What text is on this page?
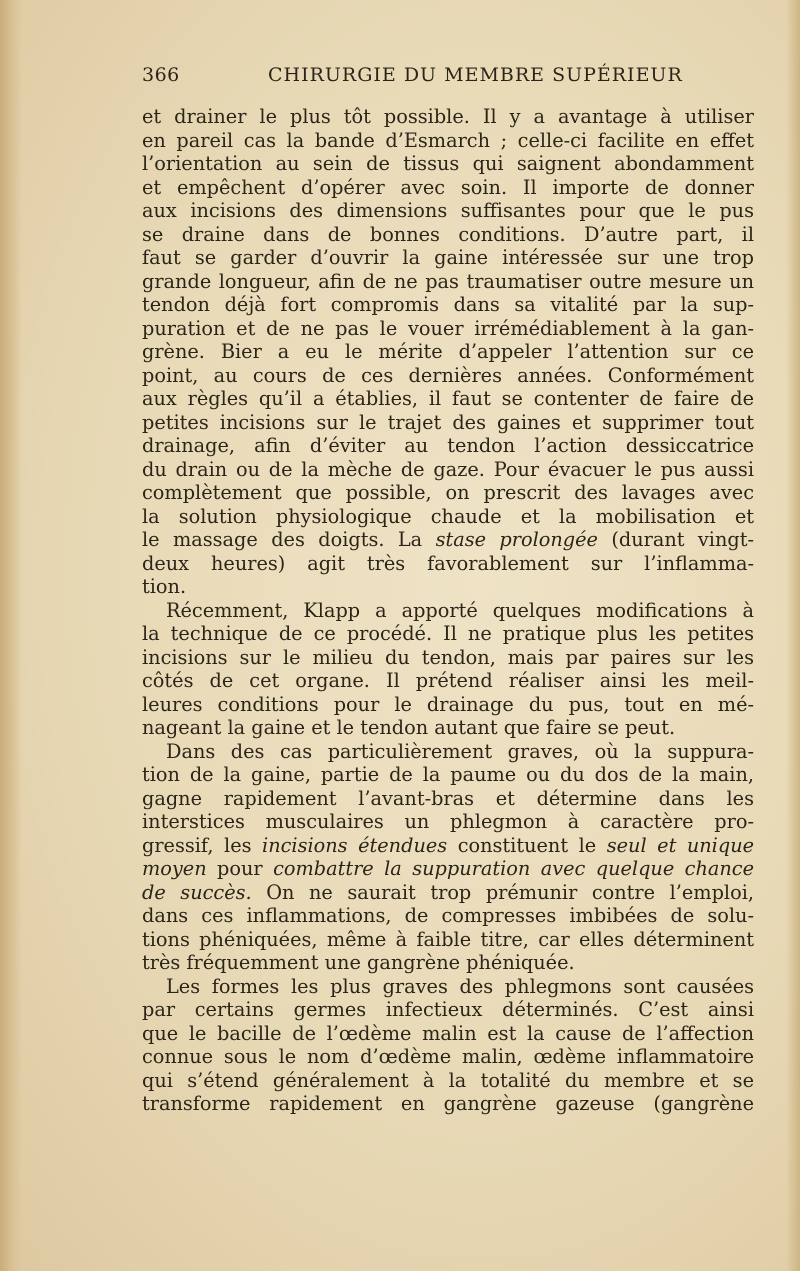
366	CHIRURGIE DU MEMBRE SUPÉRIEUR
et drainer le plus tôt possible. Il y a avantage à utiliser
en pareil cas la bande d’Esmarch ; celle-ci facilite en effet
l’orientation au sein de tissus qui saignent abondamment
et empêchent d’opérer avec soin. Il importe de donner
aux incisions des dimensions suffisantes pour que le pus
se draine dans de bonnes conditions. D’autre part, il
faut se garder d’ouvrir la gaine intéressée sur une trop
grande longueur, afin de ne pas traumatiser outre mesure un
tendon déjà fort compromis dans sa vitalité par la sup-
puration et de ne pas le vouer irrémédiablement à la gan-
grène. Bier a eu le mérite d’appeler l’attention sur ce
point, au cours de ces dernières années. Conformément
aux règles qu’il a établies, il faut se contenter de faire de
petites incisions sur le trajet des gaines et supprimer tout
drainage, afin d’éviter au tendon l’action dessiccatrice
du drain ou de la mèche de gaze. Pour évacuer le pus aussi
complètement que possible, on prescrit des lavages avec
la solution physiologique chaude et la mobilisation et
le massage des doigts. La stase prolongée (durant vingt-
deux heures) agit très favorablement sur l’inflamma-
tion.
Récemment, Klapp a apporté quelques modifications à
la technique de ce procédé. Il ne pratique plus les petites
incisions sur le milieu du tendon, mais par paires sur les
côtés de cet organe. Il prétend réaliser ainsi les meil-
leures conditions pour le drainage du pus, tout en mé-
nageant la gaine et le tendon autant que faire se peut.
Dans des cas particulièrement graves, où la suppura-
tion de la gaine, partie de la paume ou du dos de la main,
gagne rapidement l’avant-bras et détermine dans les
interstices musculaires un phlegmon à caractère pro-
gressif, les incisions étendues constituent le seul et unique
moyen pour combattre la suppuration avec quelque chance
de succès. On ne saurait trop prémunir contre l’emploi,
dans ces inflammations, de compresses imbibées de solu-
tions phéniquées, même à faible titre, car elles déterminent
très fréquemment une gangrène phéniquée.
Les formes les plus graves des phlegmons sont causées
par certains germes infectieux déterminés. C’est ainsi
que le bacille de l’œdème malin est la cause de l’affection
connue sous le nom d’œdème malin, œdème inflammatoire
qui s’étend généralement à la totalité du membre et se
transforme rapidement en gangrène gazeuse (gangrène
